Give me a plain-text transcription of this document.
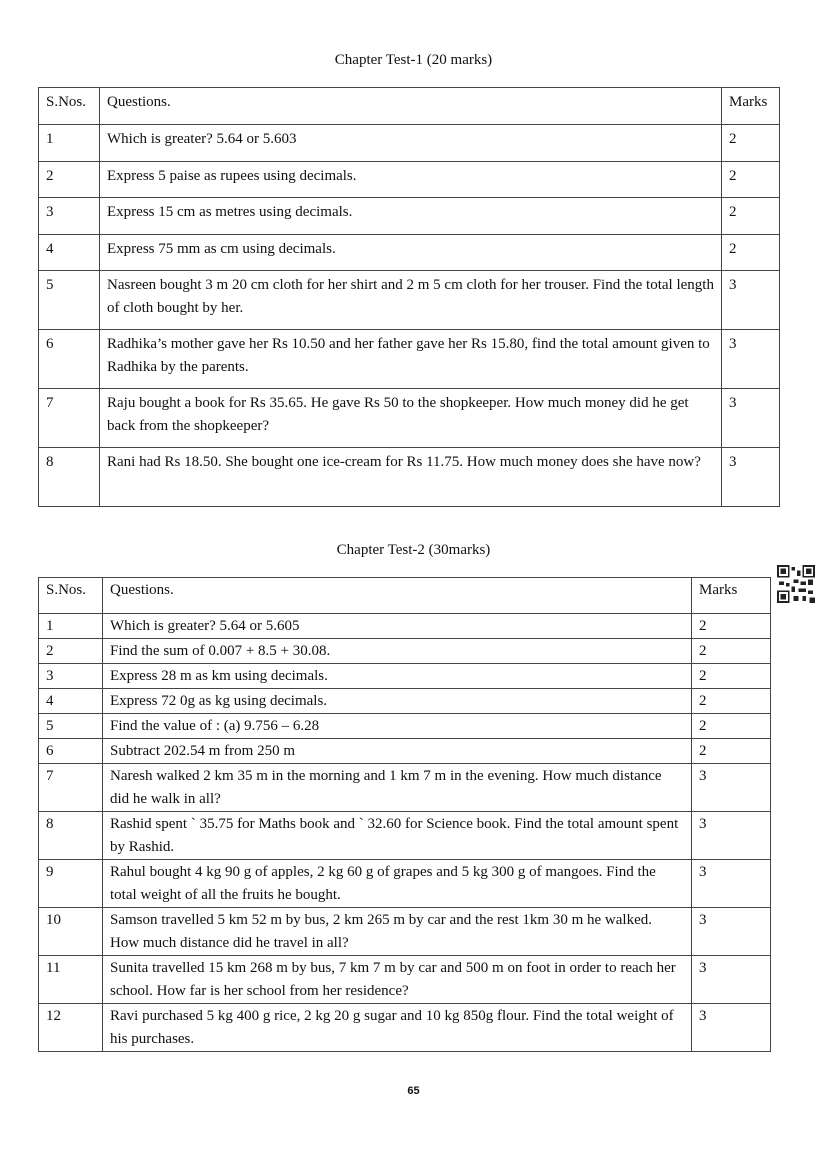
Chapter Test-1 (20 marks)
S.Nos.	Questions.	Marks
1	Which is greater? 5.64 or 5.603	2
2	Express 5 paise as rupees using decimals.	2
3	Express 15 cm as metres using decimals.	2
4	Express 75 mm as cm using decimals.	2
5	Nasreen bought 3 m 20 cm cloth for her shirt and 2 m 5 cm cloth for her trouser. Find the total length of cloth bought by her.	3
6	Radhika’s mother gave her Rs 10.50 and her father gave her Rs 15.80, find the total amount given to Radhika by the parents.	3
7	Raju bought a book for Rs 35.65. He gave Rs 50 to the shopkeeper. How much money did he get back from the shopkeeper?	3
8	Rani had Rs 18.50. She bought one ice-cream for Rs 11.75. How much money does she have now?	3
Chapter Test-2 (30marks)
S.Nos.	Questions.	Marks
1	Which is greater? 5.64 or 5.605	2
2	Find the sum of 0.007 + 8.5 + 30.08.	2
3	Express 28 m as km using decimals.	2
4	Express 72 0g as kg using decimals.	2
5	Find the value of : (a) 9.756 – 6.28	2
6	Subtract 202.54 m from 250 m	2
7	Naresh walked 2 km 35 m in the morning and 1 km 7 m in the evening. How much distance did he walk in all?	3
8	Rashid spent ` 35.75 for Maths book and ` 32.60 for Science book. Find the total amount spent by Rashid.	3
9	Rahul bought 4 kg 90 g of apples, 2 kg 60 g of grapes and 5 kg 300 g of mangoes. Find the total weight of all the fruits he bought.	3
10	Samson travelled 5 km 52 m by bus, 2 km 265 m by car and the rest 1km 30 m he walked. How much distance did he travel in all?	3
11	Sunita travelled 15 km 268 m by bus, 7 km 7 m by car and 500 m on foot in order to reach her school. How far is her school from her residence?	3
12	Ravi purchased 5 kg 400 g rice, 2 kg 20 g sugar and 10 kg 850g flour. Find the total weight of his purchases.	3
65
